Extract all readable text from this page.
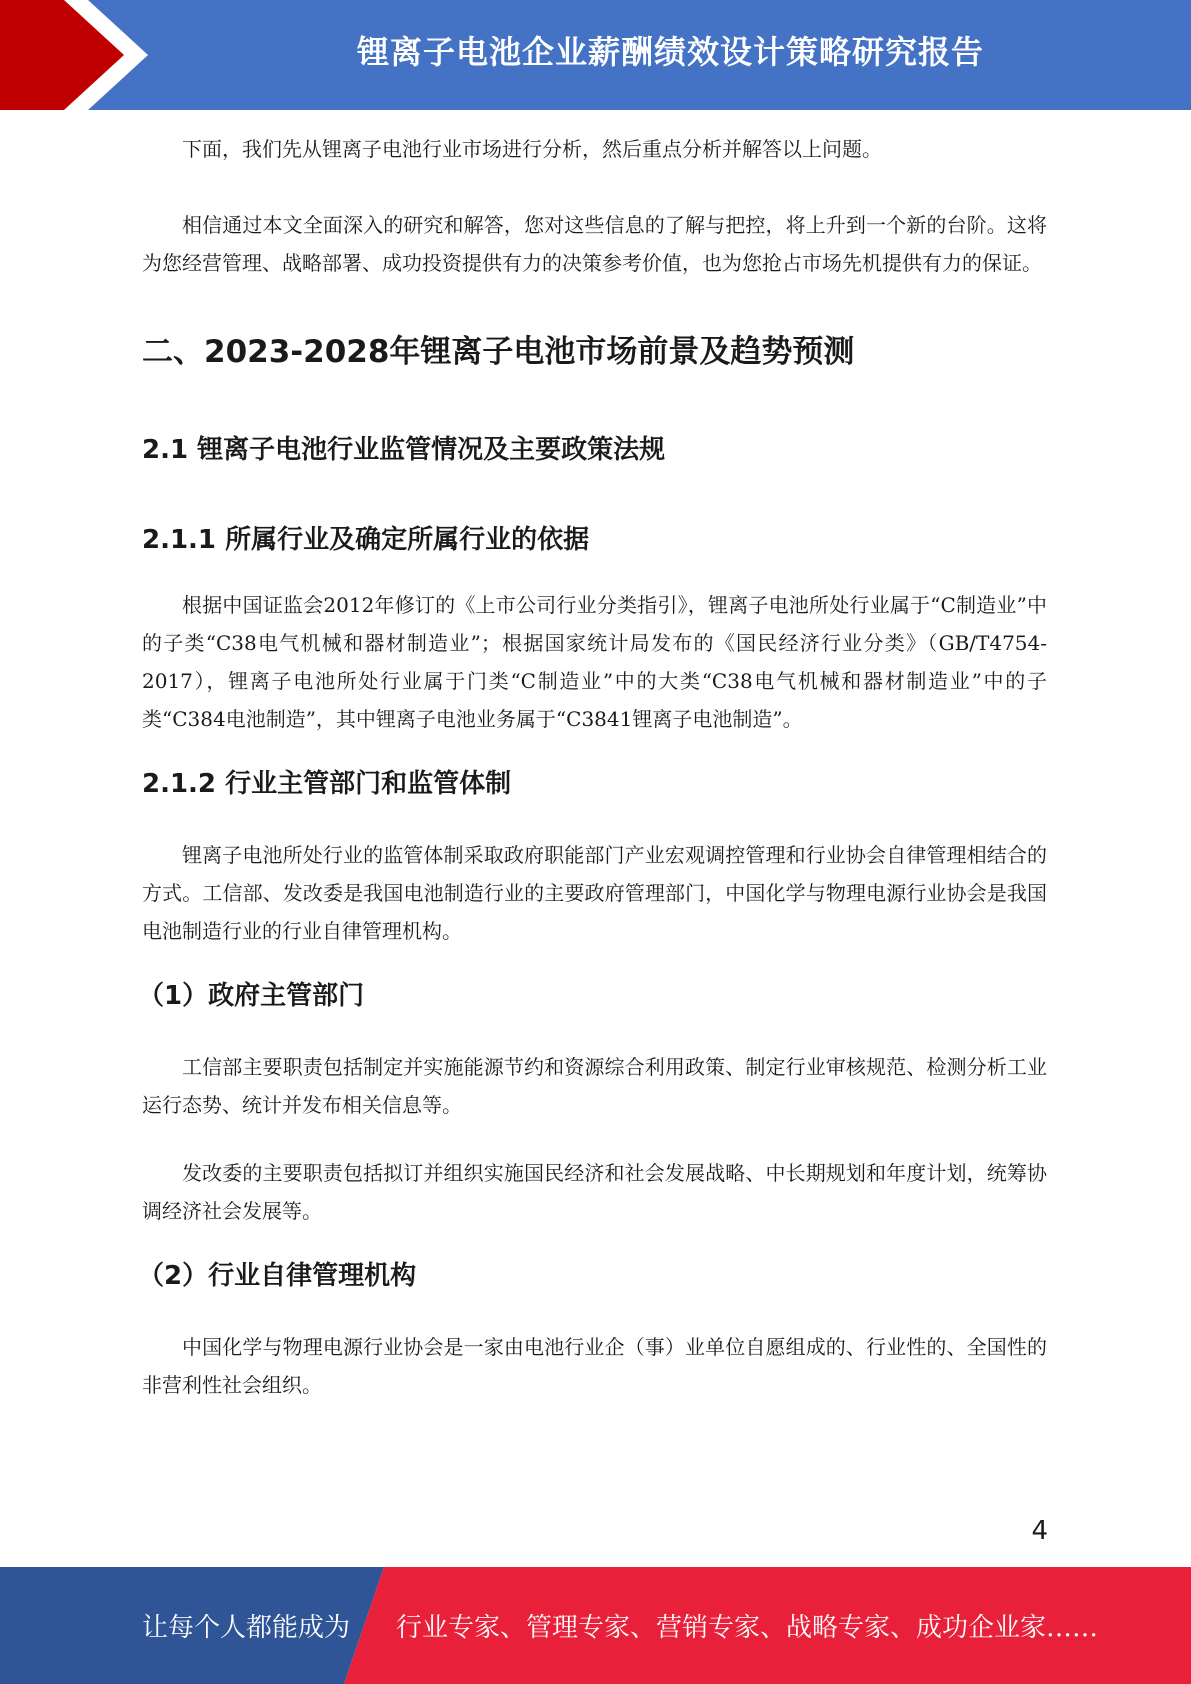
锂离子电池企业薪酬绩效设计策略研究报告

下面，我们先从锂离子电池行业市场进行分析，然后重点分析并解答以上问题。

相信通过本文全面深入的研究和解答，您对这些信息的了解与把控，将上升到一个新的台阶。这将为您经营管理、战略部署、成功投资提供有力的决策参考价值，也为您抢占市场先机提供有力的保证。

二、2023-2028年锂离子电池市场前景及趋势预测
2.1 锂离子电池行业监管情况及主要政策法规
2.1.1 所属行业及确定所属行业的依据

根据中国证监会2012年修订的《上市公司行业分类指引》，锂离子电池所处行业属于“C制造业”中的子类“C38电气机械和器材制造业”；根据国家统计局发布的《国民经济行业分类》（GB/T4754-2017），锂离子电池所处行业属于门类“C制造业”中的大类“C38电气机械和器材制造业”中的子类“C384电池制造”，其中锂离子电池业务属于“C3841锂离子电池制造”。

2.1.2 行业主管部门和监管体制

锂离子电池所处行业的监管体制采取政府职能部门产业宏观调控管理和行业协会自律管理相结合的方式。工信部、发改委是我国电池制造行业的主要政府管理部门，中国化学与物理电源行业协会是我国电池制造行业的行业自律管理机构。

（1）政府主管部门

工信部主要职责包括制定并实施能源节约和资源综合利用政策、制定行业审核规范、检测分析工业运行态势、统计并发布相关信息等。

发改委的主要职责包括拟订并组织实施国民经济和社会发展战略、中长期规划和年度计划，统筹协调经济社会发展等。

（2）行业自律管理机构

中国化学与物理电源行业协会是一家由电池行业企（事）业单位自愿组成的、行业性的、全国性的非营利性社会组织。

4
让每个人都能成为 行业专家、管理专家、营销专家、战略专家、成功企业家……
